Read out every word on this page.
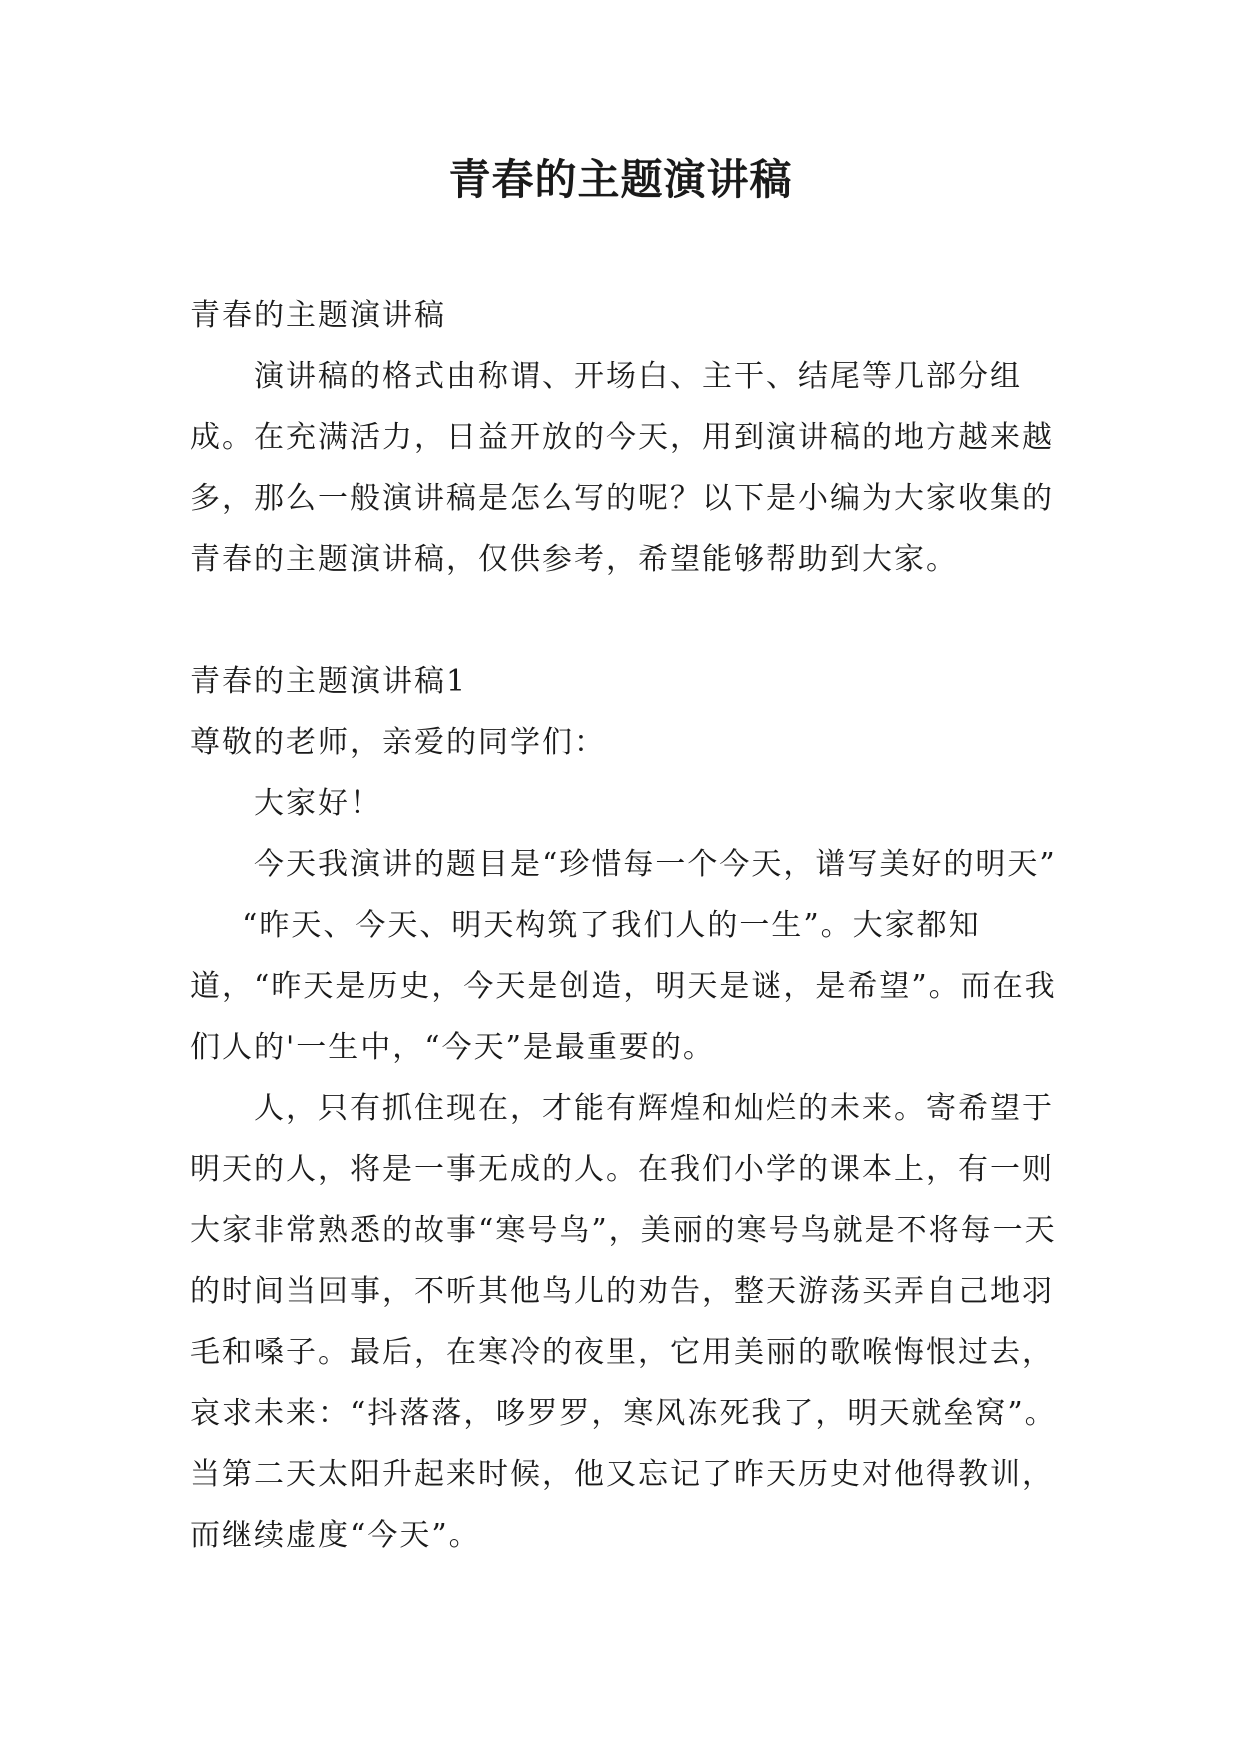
青春的主题演讲稿

青春的主题演讲稿

演讲稿的格式由称谓、开场白、主干、结尾等几部分组成。在充满活力，日益开放的今天，用到演讲稿的地方越来越多，那么一般演讲稿是怎么写的呢？以下是小编为大家收集的青春的主题演讲稿，仅供参考，希望能够帮助到大家。

青春的主题演讲稿1

尊敬的老师，亲爱的同学们：

大家好！

今天我演讲的题目是“珍惜每一个今天，谱写美好的明天”

“昨天、今天、明天构筑了我们人的一生”。大家都知道，“昨天是历史，今天是创造，明天是谜，是希望”。而在我们人的'一生中，“今天”是最重要的。

人，只有抓住现在，才能有辉煌和灿烂的未来。寄希望于明天的人，将是一事无成的人。在我们小学的课本上，有一则大家非常熟悉的故事“寒号鸟”，美丽的寒号鸟就是不将每一天的时间当回事，不听其他鸟儿的劝告，整天游荡买弄自己地羽毛和嗓子。最后，在寒冷的夜里，它用美丽的歌喉悔恨过去，哀求未来：“抖落落，哆罗罗，寒风冻死我了，明天就垒窝”。当第二天太阳升起来时候，他又忘记了昨天历史对他得教训，而继续虚度“今天”。
